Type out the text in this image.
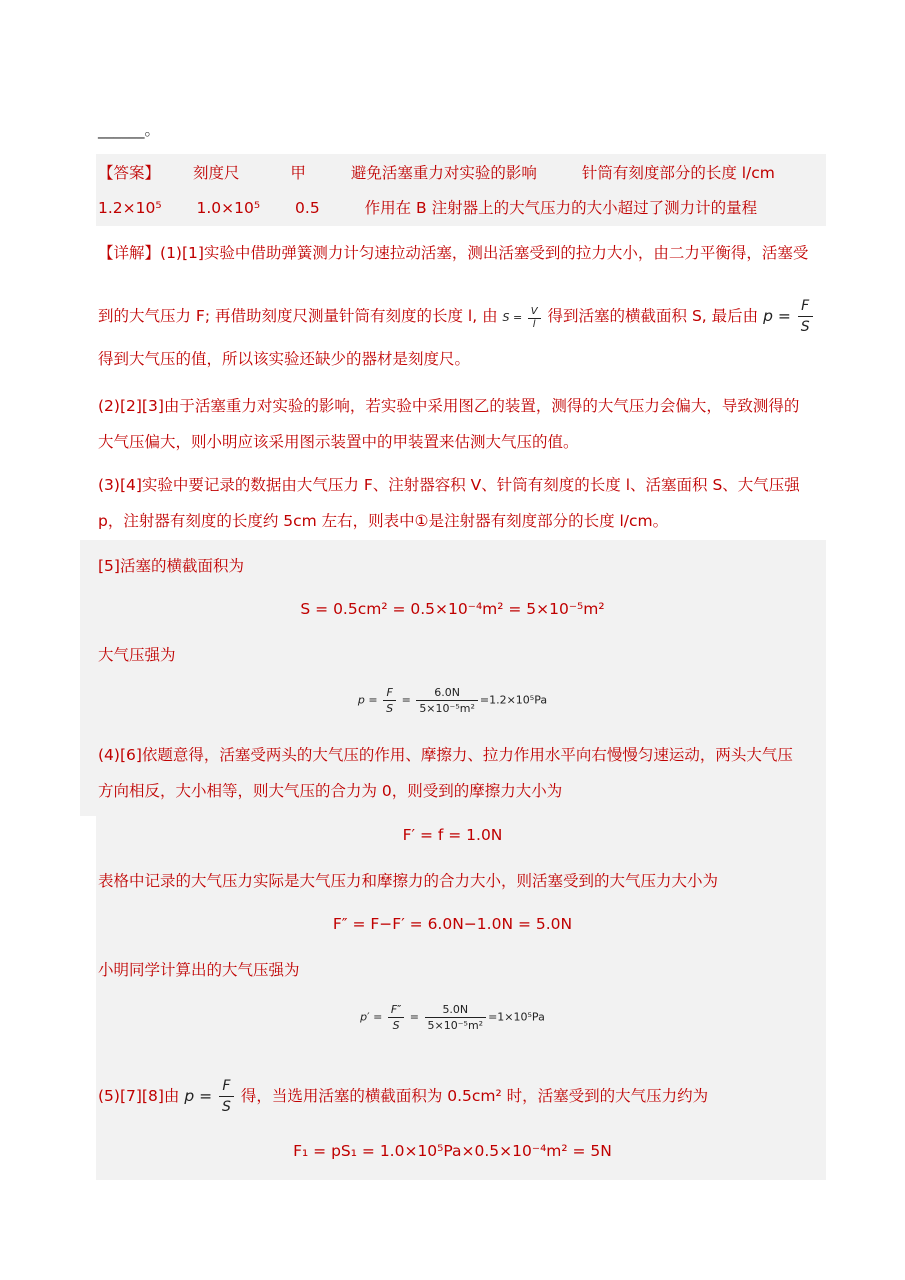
______。
【答案】 刻度尺	甲	避免活塞重力对实验的影响	针筒有刻度部分的长度 l/cm
1.2×10⁵ 1.0×10⁵ 0.5	作用在 B 注射器上的大气压力的大小超过了测力计的量程
【详解】(1)[1]实验中借助弹簧测力计匀速拉动活塞，测出活塞受到的拉力大小，由二力平衡得，活塞受
到的大气压力 F; 再借助刻度尺测量针筒有刻度的长度 l, 由 $S = \frac{V}{l}$ 得到活塞的横截面积 S, 最后由 $p = \frac{F}{S}$
得到大气压的值，所以该实验还缺少的器材是刻度尺。
(2)[2][3]由于活塞重力对实验的影响，若实验中采用图乙的装置，测得的大气压力会偏大，导致测得的
大气压偏大，则小明应该采用图示装置中的甲装置来估测大气压的值。
(3)[4]实验中要记录的数据由大气压力 F、注射器容积 V、针筒有刻度的长度 l、活塞面积 S、大气压强
p，注射器有刻度的长度约 5cm 左右，则表中①是注射器有刻度部分的长度 l/cm。
[5]活塞的横截面积为
S = 0.5cm² = 0.5×10⁻⁴m² = 5×10⁻⁵m²
大气压强为
$p = \frac{F}{S} = \frac{6.0N}{\text{5×10⁻⁵m²}} =1.2\times 10^5Pa$
(4)[6]依题意得，活塞受两头的大气压的作用、摩擦力、拉力作用水平向右慢慢匀速运动，两头大气压
方向相反，大小相等，则大气压的合力为 0，则受到的摩擦力大小为
F′ = f = 1.0N
表格中记录的大气压力实际是大气压力和摩擦力的合力大小，则活塞受到的大气压力大小为
F″ = F−F′ = 6.0N−1.0N = 5.0N
小明同学计算出的大气压强为
$p' = \frac{F''}{S} = \frac{5.0N}{\text{5×10⁻⁵m²}} =1\times 10^5Pa$
(5)[7][8]由 $p = \frac{F}{S}$ 得，当选用活塞的横截面积为 0.5cm² 时，活塞受到的大气压力约为
F₁ = pS₁ = 1.0×10⁵Pa×0.5×10⁻⁴m² = 5N
